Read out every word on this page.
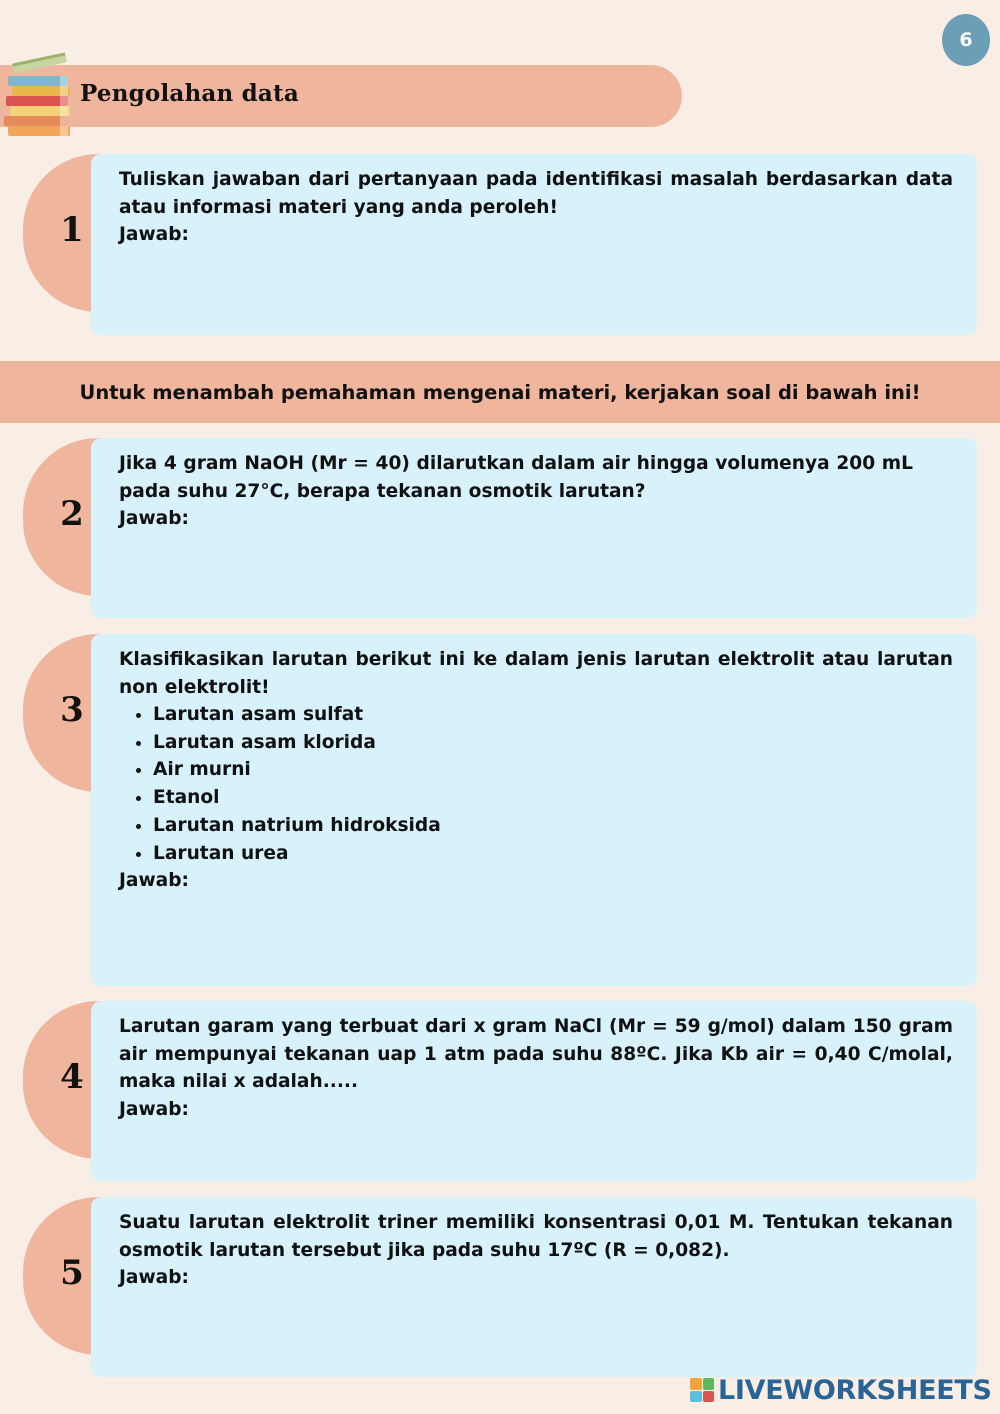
6
Pengolahan data
1

Tuliskan jawaban dari pertanyaan pada identifikasi masalah berdasarkan data atau informasi materi yang anda peroleh!

Jawab:

Untuk menambah pemahaman mengenai materi, kerjakan soal di bawah ini!
2

Jika 4 gram NaOH (Mr = 40) dilarutkan dalam air hingga volumenya 200 mL pada suhu 27°C, berapa tekanan osmotik larutan?

Jawab:

3

Klasifikasikan larutan berikut ini ke dalam jenis larutan elektrolit atau larutan non elektrolit!

• Larutan asam sulfat
• Larutan asam klorida
• Air murni
• Etanol
• Larutan natrium hidroksida
• Larutan urea

Jawab:

4

Larutan garam yang terbuat dari x gram NaCl (Mr = 59 g/mol) dalam 150 gram air mempunyai tekanan uap 1 atm pada suhu 88ºC. Jika Kb air = 0,40 C/molal, maka nilai x adalah.....

Jawab:

5

Suatu larutan elektrolit triner memiliki konsentrasi 0,01 M. Tentukan tekanan osmotik larutan tersebut jika pada suhu 17ºC (R = 0,082).

Jawab:

LIVEWORKSHEETS
